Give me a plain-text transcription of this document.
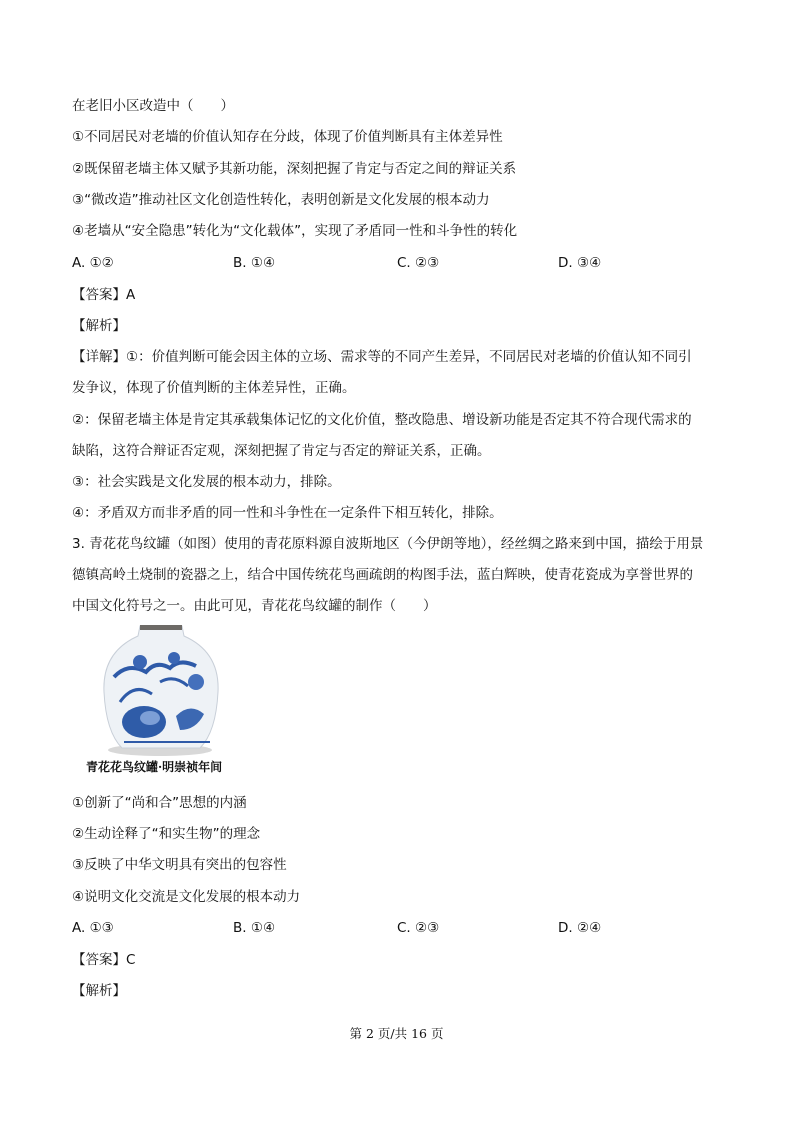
在老旧小区改造中（　　）
①不同居民对老墙的价值认知存在分歧，体现了价值判断具有主体差异性
②既保留老墙主体又赋予其新功能，深刻把握了肯定与否定之间的辩证关系
③“微改造”推动社区文化创造性转化，表明创新是文化发展的根本动力
④老墙从“安全隐患”转化为“文化载体”，实现了矛盾同一性和斗争性的转化
A. ①②	B. ①④	C. ②③	D. ③④
【答案】A
【解析】
【详解】①：价值判断可能会因主体的立场、需求等的不同产生差异，不同居民对老墙的价值认知不同引
发争议，体现了价值判断的主体差异性，正确。
②：保留老墙主体是肯定其承载集体记忆的文化价值，整改隐患、增设新功能是否定其不符合现代需求的
缺陷，这符合辩证否定观，深刻把握了肯定与否定的辩证关系，正确。
③：社会实践是文化发展的根本动力，排除。
④：矛盾双方而非矛盾的同一性和斗争性在一定条件下相互转化，排除。
3. 青花花鸟纹罐（如图）使用的青花原料源自波斯地区（今伊朗等地），经丝绸之路来到中国，描绘于用景
德镇高岭土烧制的瓷器之上，结合中国传统花鸟画疏朗的构图手法，蓝白辉映，使青花瓷成为享誉世界的
中国文化符号之一。由此可见，青花花鸟纹罐的制作（　　）
青花花鸟纹罐·明崇祯年间
①创新了“尚和合”思想的内涵
②生动诠释了“和实生物”的理念
③反映了中华文明具有突出的包容性
④说明文化交流是文化发展的根本动力
A. ①③	B. ①④	C. ②③	D. ②④
【答案】C
【解析】
第 2 页/共 16 页
